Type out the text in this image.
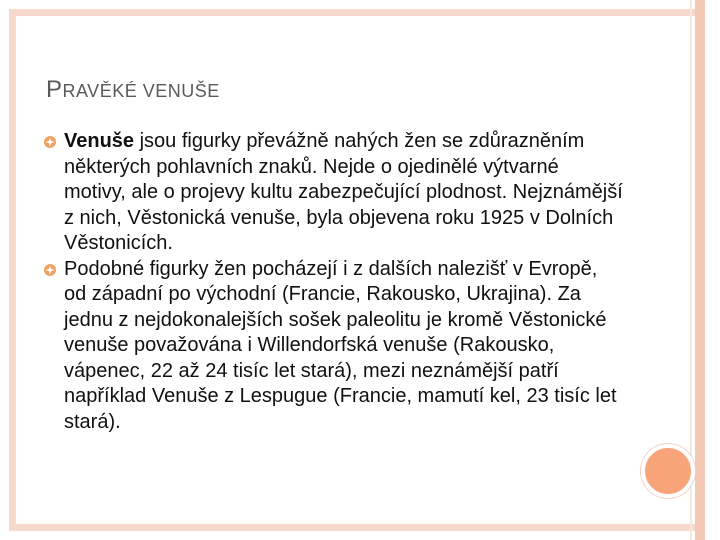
PRAVĚKÉ VENUŠE
Venuše jsou figurky převážně nahých žen se zdůrazněním některých pohlavních znaků. Nejde o ojedinělé výtvarné motivy, ale o projevy kultu zabezpečující plodnost. Nejznámější z nich, Věstonická venuše, byla objevena roku 1925 v Dolních Věstonicích.
Podobné figurky žen pocházejí i z dalších nalezišť v Evropě, od západní po východní (Francie, Rakousko, Ukrajina). Za jednu z nejdokonalejších sošek paleolitu je kromě Věstonické venuše považována i Willendorfská venuše (Rakousko, vápenec, 22 až 24 tisíc let stará), mezi neznámější patří například Venuše z Lespugue (Francie, mamutí kel, 23 tisíc let stará).
